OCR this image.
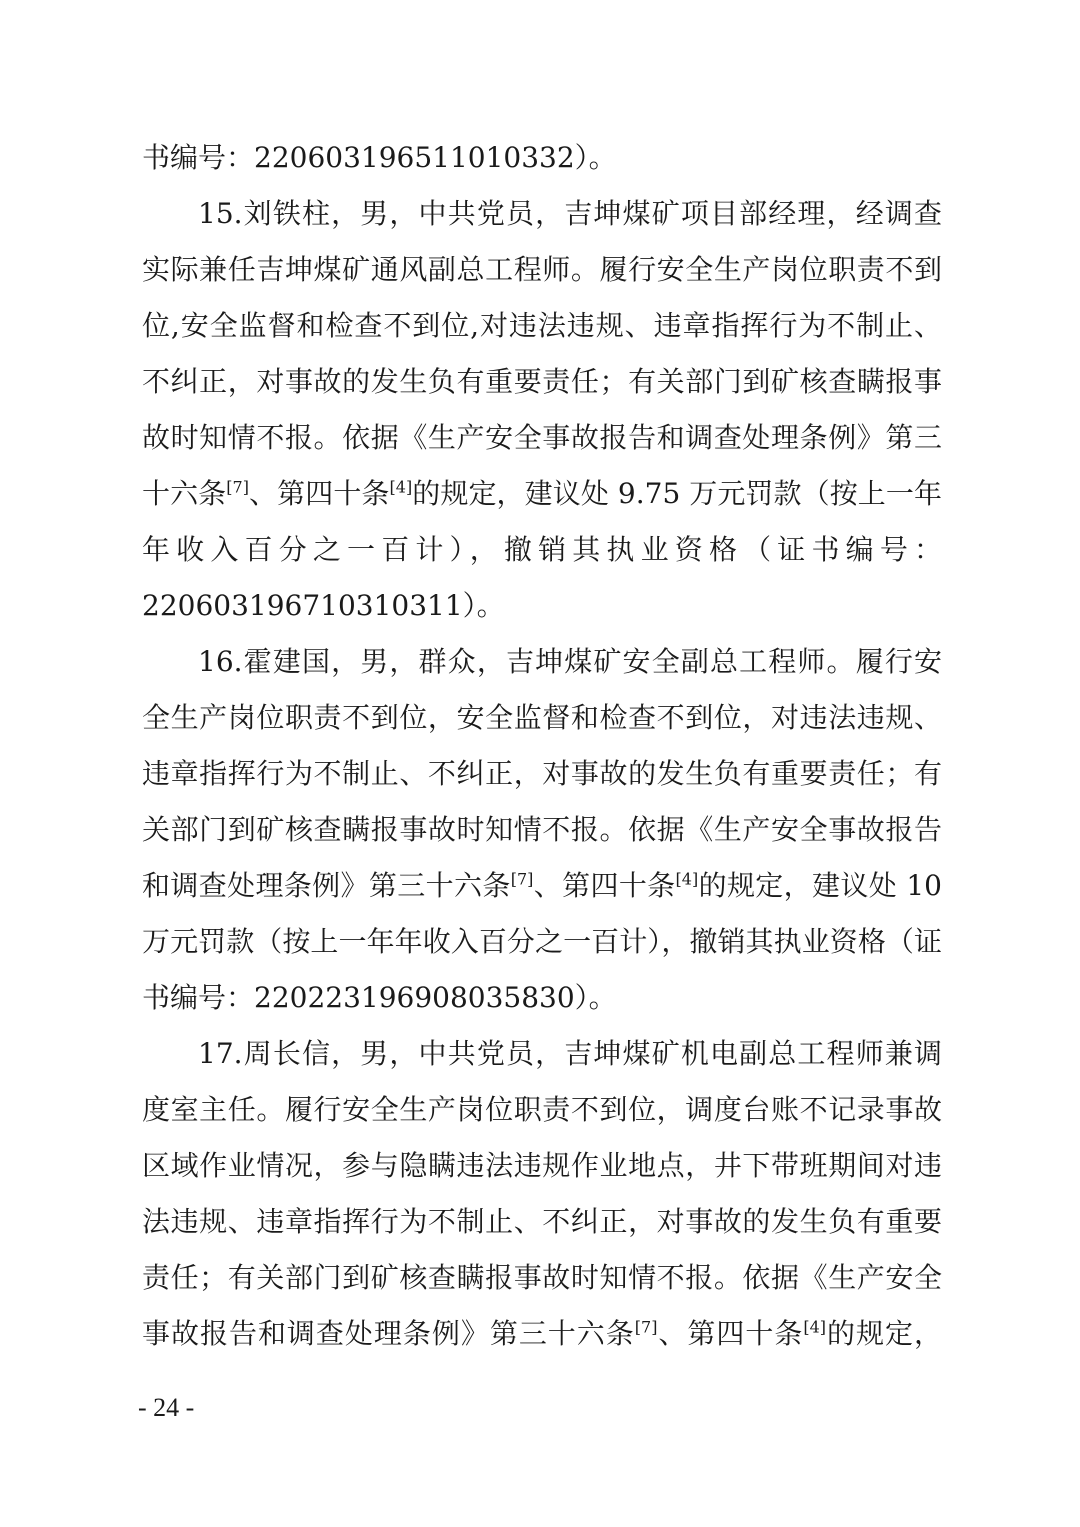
书编号：220603196511010332）。
15.刘铁柱，男，中共党员，吉坤煤矿项目部经理，经调查
实际兼任吉坤煤矿通风副总工程师。履行安全生产岗位职责不到
位,安全监督和检查不到位,对违法违规、违章指挥行为不制止、
不纠正，对事故的发生负有重要责任；有关部门到矿核查瞒报事
故时知情不报。依据《生产安全事故报告和调查处理条例》第三
十六条[7]、第四十条[4]的规定，建议处 9.75 万元罚款（按上一年
年收入百分之一百计），撤销其执业资格（证书编号：
220603196710310311）。
16.霍建国，男，群众，吉坤煤矿安全副总工程师。履行安
全生产岗位职责不到位，安全监督和检查不到位，对违法违规、
违章指挥行为不制止、不纠正，对事故的发生负有重要责任；有
关部门到矿核查瞒报事故时知情不报。依据《生产安全事故报告
和调查处理条例》第三十六条[7]、第四十条[4]的规定，建议处 10
万元罚款（按上一年年收入百分之一百计），撤销其执业资格（证
书编号：220223196908035830）。
17.周长信，男，中共党员，吉坤煤矿机电副总工程师兼调
度室主任。履行安全生产岗位职责不到位，调度台账不记录事故
区域作业情况，参与隐瞒违法违规作业地点，井下带班期间对违
法违规、违章指挥行为不制止、不纠正，对事故的发生负有重要
责任；有关部门到矿核查瞒报事故时知情不报。依据《生产安全
事故报告和调查处理条例》第三十六条[7]、第四十条[4]的规定，
- 24 -
